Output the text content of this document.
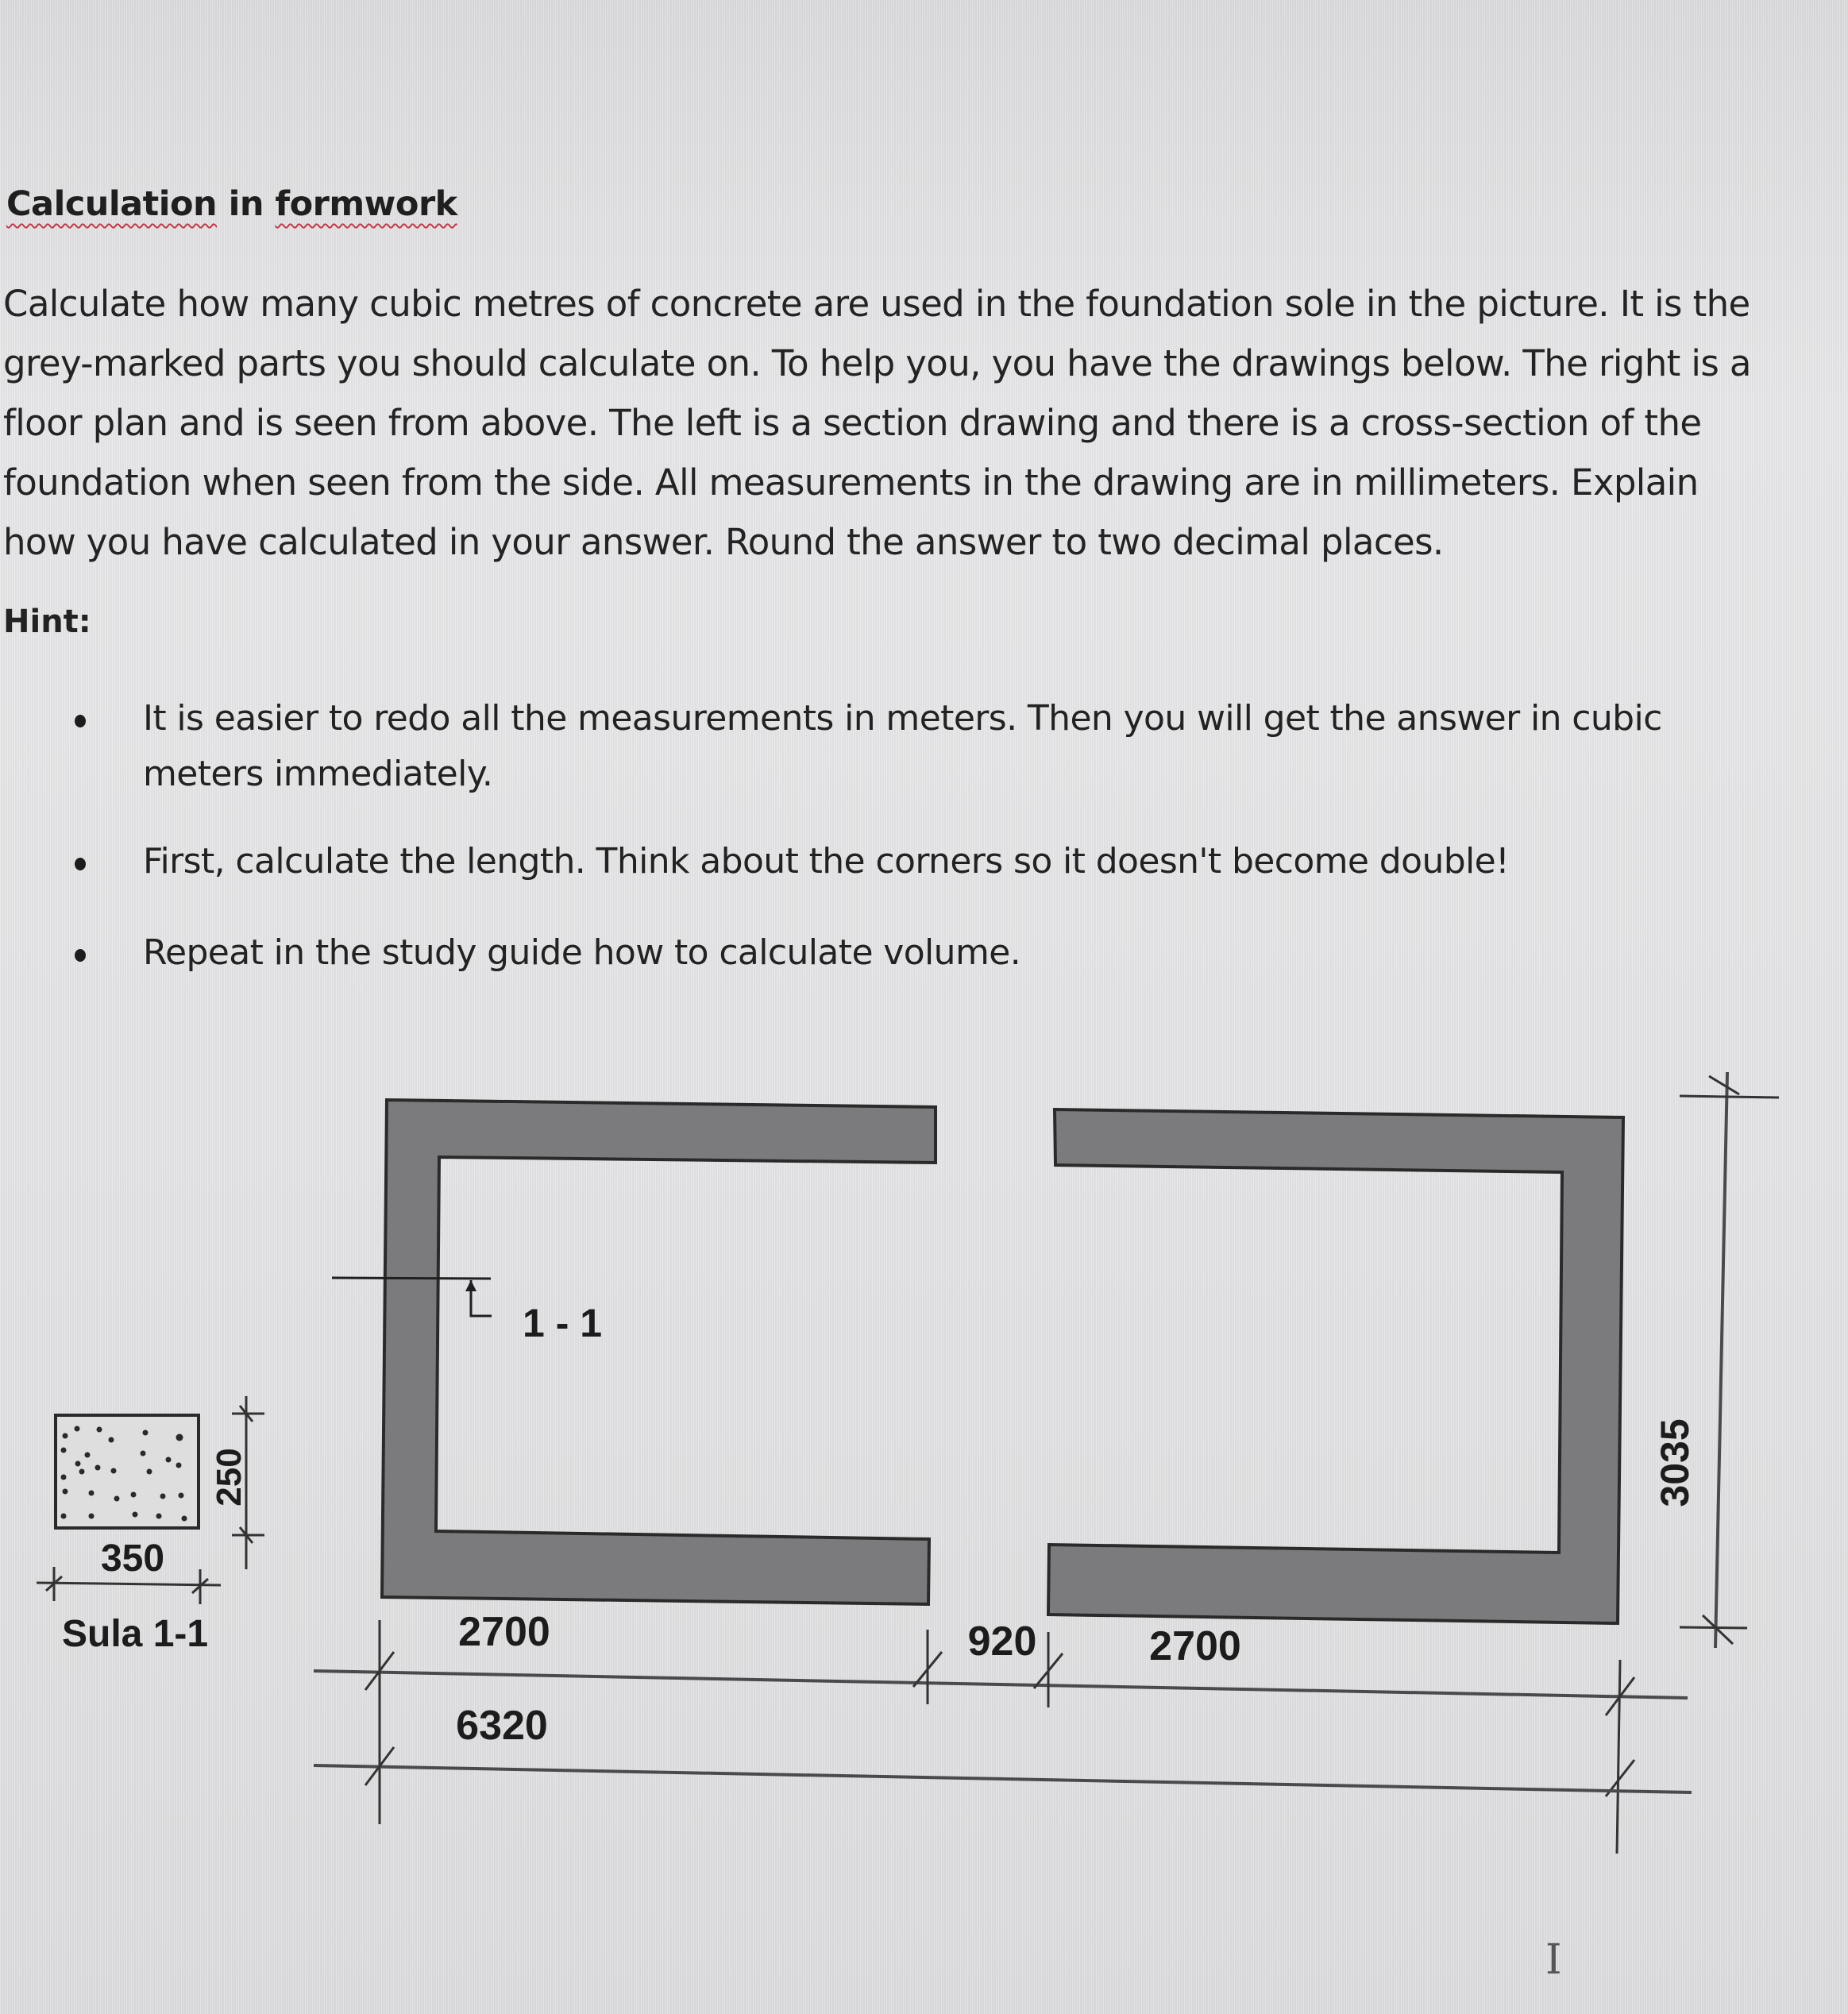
Calculation in formwork
Calculate how many cubic metres of concrete are used in the foundation sole in the picture. It is the
grey-marked parts you should calculate on. To help you, you have the drawings below. The right is a
floor plan and is seen from above. The left is a section drawing and there is a cross-section of the
foundation when seen from the side. All measurements in the drawing are in millimeters. Explain
how you have calculated in your answer. Round the answer to two decimal places.
Hint:
It is easier to redo all the measurements in meters. Then you will get the answer in cubic
meters immediately.
First, calculate the length. Think about the corners so it doesn't become double!
Repeat in the study guide how to calculate volume.
250
350
Sula 1-1
1 - 1
2700	920	2700
6320
3035
I
